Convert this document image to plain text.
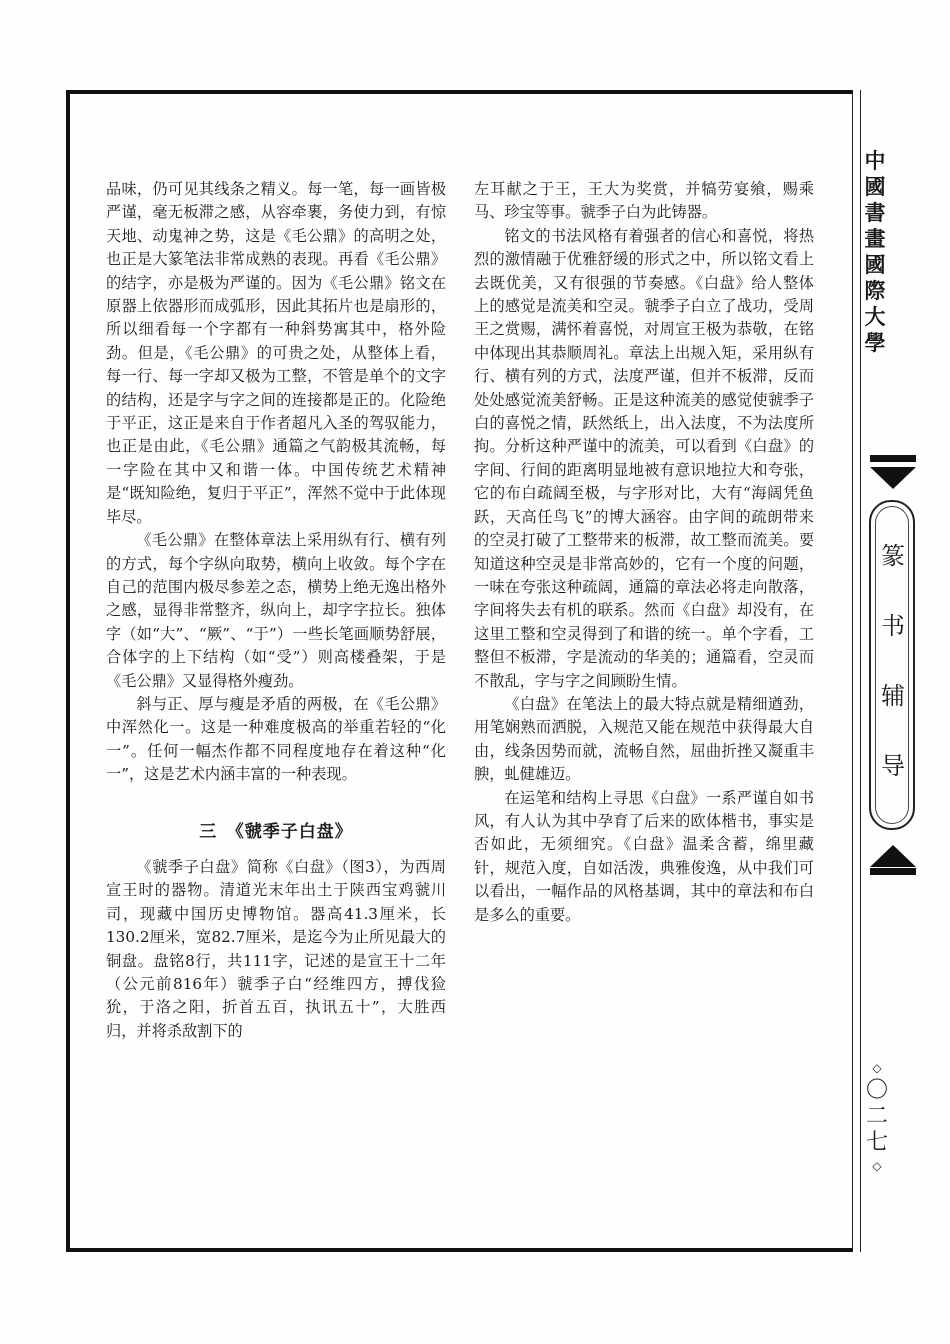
品味，仍可见其线条之精义。每一笔，每一画皆极严谨，毫无板滞之感，从容牵裹，务使力到，有惊天地、动鬼神之势，这是《毛公鼎》的高明之处，也正是大篆笔法非常成熟的表现。再看《毛公鼎》的结字，亦是极为严谨的。因为《毛公鼎》铭文在原器上依器形而成弧形，因此其拓片也是扇形的，所以细看每一个字都有一种斜势寓其中，格外险劲。但是，《毛公鼎》的可贵之处，从整体上看，每一行、每一字却又极为工整，不管是单个的文字的结构，还是字与字之间的连接都是正的。化险绝于平正，这正是来自于作者超凡入圣的驾驭能力，也正是由此，《毛公鼎》通篇之气韵极其流畅，每一字险在其中又和谐一体。中国传统艺术精神是“既知险绝，复归于平正”，浑然不觉中于此体现毕尽。

《毛公鼎》在整体章法上采用纵有行、横有列的方式，每个字纵向取势，横向上收敛。每个字在自己的范围内极尽参差之态，横势上绝无逸出格外之感，显得非常整齐，纵向上，却字字拉长。独体字（如“大”、“厥”、“于”）一些长笔画顺势舒展，合体字的上下结构（如“受”）则高楼叠架，于是《毛公鼎》又显得格外瘦劲。

斜与正、厚与瘦是矛盾的两极，在《毛公鼎》中浑然化一。这是一种难度极高的举重若轻的“化一”。任何一幅杰作都不同程度地存在着这种“化一”，这是艺术内涵丰富的一种表现。

三　《虢季子白盘》

《虢季子白盘》简称《白盘》（图3），为西周宣王时的器物。清道光末年出土于陕西宝鸡虢川司，现藏中国历史博物馆。器高41.3厘米，长130.2厘米，宽82.7厘米，是迄今为止所见最大的铜盘。盘铭8行，共111字，记述的是宣王十二年（公元前816年）虢季子白“经维四方，搏伐猃狁，于洛之阳，折首五百，执讯五十”，大胜西归，并将杀敌割下的

左耳献之于王，王大为奖赏，并犒劳宴飨，赐乘马、珍宝等事。虢季子白为此铸器。

铭文的书法风格有着强者的信心和喜悦，将热烈的激情融于优雅舒缓的形式之中，所以铭文看上去既优美，又有很强的节奏感。《白盘》给人整体上的感觉是流美和空灵。虢季子白立了战功，受周王之赏赐，满怀着喜悦，对周宣王极为恭敬，在铭中体现出其恭顺周礼。章法上出规入矩，采用纵有行、横有列的方式，法度严谨，但并不板滞，反而处处感觉流美舒畅。正是这种流美的感觉使虢季子白的喜悦之情，跃然纸上，出入法度，不为法度所拘。分析这种严谨中的流美，可以看到《白盘》的字间、行间的距离明显地被有意识地拉大和夸张，它的布白疏阔至极，与字形对比，大有“海阔凭鱼跃，天高任鸟飞”的博大涵容。由字间的疏朗带来的空灵打破了工整带来的板滞，故工整而流美。要知道这种空灵是非常高妙的，它有一个度的问题，一味在夸张这种疏阔，通篇的章法必将走向散落，字间将失去有机的联系。然而《白盘》却没有，在这里工整和空灵得到了和谐的统一。单个字看，工整但不板滞，字是流动的华美的；通篇看，空灵而不散乱，字与字之间顾盼生情。

《白盘》在笔法上的最大特点就是精细遒劲，用笔娴熟而洒脱，入规范又能在规范中获得最大自由，线条因势而就，流畅自然，屈曲折挫又凝重丰腴，虬健雄迈。

在运笔和结构上寻思《白盘》一系严谨自如书风，有人认为其中孕育了后来的欧体楷书，事实是否如此，无须细究。《白盘》温柔含蓄，绵里藏针，规范入度，自如活泼，典雅俊逸，从中我们可以看出，一幅作品的风格基调，其中的章法和布白是多么的重要。

中
國
書
畫
國
際
大
學
篆
书
辅
导
◇
〇
二
七
◇
